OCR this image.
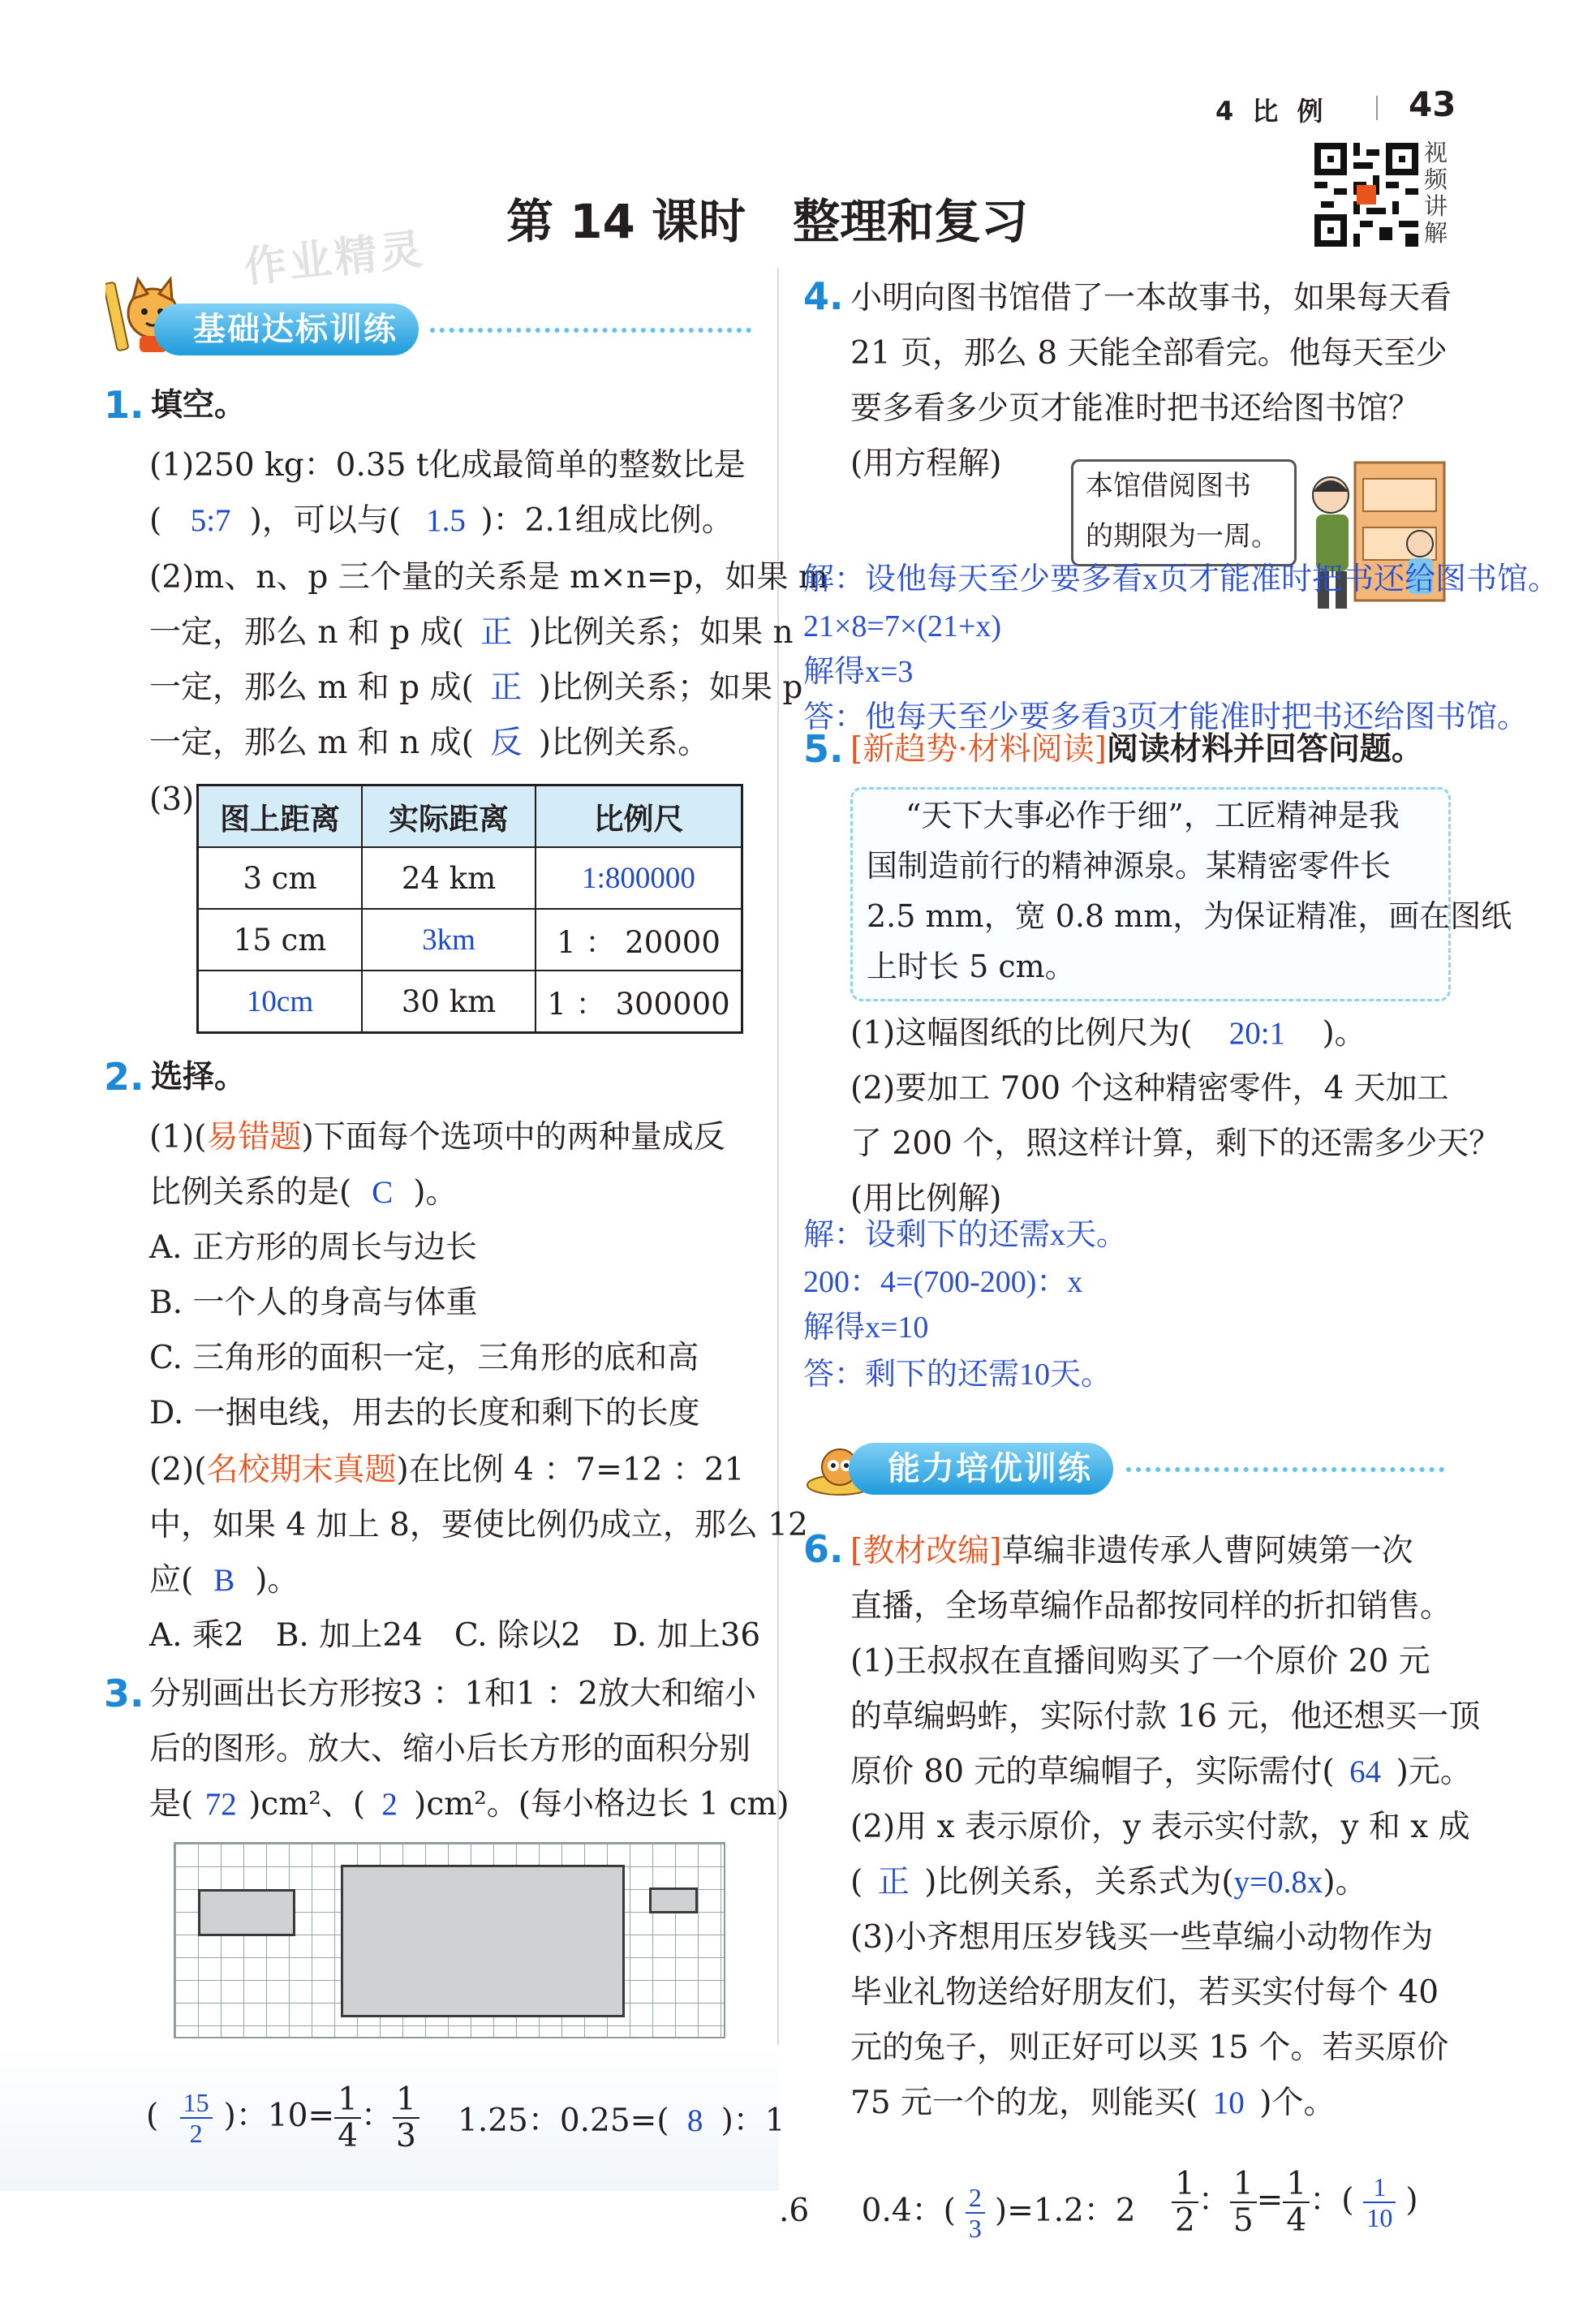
4 比 例 43
视频讲解
第 14 课时　整理和复习
作业精灵
基础达标训练
1. 填空。
(1)250 kg：0.35 t化成最简单的整数比是
( 5:7 )，可以与( 1.5 )：2.1组成比例。
(2)m、n、p 三个量的关系是 m×n=p，如果 m
一定，那么 n 和 p 成( 正 )比例关系；如果 n
一定，那么 m 和 p 成( 正 )比例关系；如果 p
一定，那么 m 和 n 成( 反 )比例关系。
(3)
图上距离	实际距离	比例尺
3 cm	24 km	1:800000
15 cm	3km	1 ： 20000
10cm	30 km	1 ： 300000
2. 选择。
(1)(易错题)下面每个选项中的两种量成反
比例关系的是( C )。
A. 正方形的周长与边长
B. 一个人的身高与体重
C. 三角形的面积一定，三角形的底和高
D. 一捆电线，用去的长度和剩下的长度
(2)(名校期末真题)在比例 4 ：7=12 ：21
中，如果 4 加上 8，要使比例仍成立，那么 12
应( B )。
A. 乘2　B. 加上24　C. 除以2　D. 加上36
3. 分别画出长方形按3 ：1和1 ：2放大和缩小
后的图形。放大、缩小后长方形的面积分别
是( 72 )cm²、( 2 )cm²。(每小格边长 1 cm)
( $\frac{15}{2}$ )：$10= \frac{1}{4}$ ： $\frac{1}{3} 1.25$：0.25=( 8 )：1
.6 0.4：( $\frac{2}{3} )=1.2$：$2 \frac{1}{2}$ ： $\frac{1}{5} = \frac{1}{4}$ ：( $\frac{1}{10}$ )
4. 小明向图书馆借了一本故事书，如果每天看
21 页，那么 8 天能全部看完。他每天至少
要多看多少页才能准时把书还给图书馆？
(用方程解)
本馆借阅图书
的期限为一周。
解：设他每天至少要多看x页才能准时把书还给图书馆。
21×8=7×(21+x)
解得x=3
答：他每天至少要多看3页才能准时把书还给图书馆。
5. [新趋势·材料阅读]阅读材料并回答问题。
“天下大事必作于细”，工匠精神是我
国制造前行的精神源泉。某精密零件长
2.5 mm，宽 0.8 mm，为保证精准，画在图纸
上时长 5 cm。
(1)这幅图纸的比例尺为( 20:1 )。
(2)要加工 700 个这种精密零件，4 天加工
了 200 个，照这样计算，剩下的还需多少天？
(用比例解)
解：设剩下的还需x天。
200：4=(700-200)：x
解得x=10
答：剩下的还需10天。
能力培优训练
6. [教材改编]草编非遗传承人曹阿姨第一次
直播，全场草编作品都按同样的折扣销售。
(1)王叔叔在直播间购买了一个原价 20 元
的草编蚂蚱，实际付款 16 元，他还想买一顶
原价 80 元的草编帽子，实际需付( 64 )元。
(2)用 x 表示原价，y 表示实付款，y 和 x 成
( 正 )比例关系，关系式为(y=0.8x)。
(3)小齐想用压岁钱买一些草编小动物作为
毕业礼物送给好朋友们，若买实付每个 40
元的兔子，则正好可以买 15 个。若买原价
75 元一个的龙，则能买( 10 )个。
